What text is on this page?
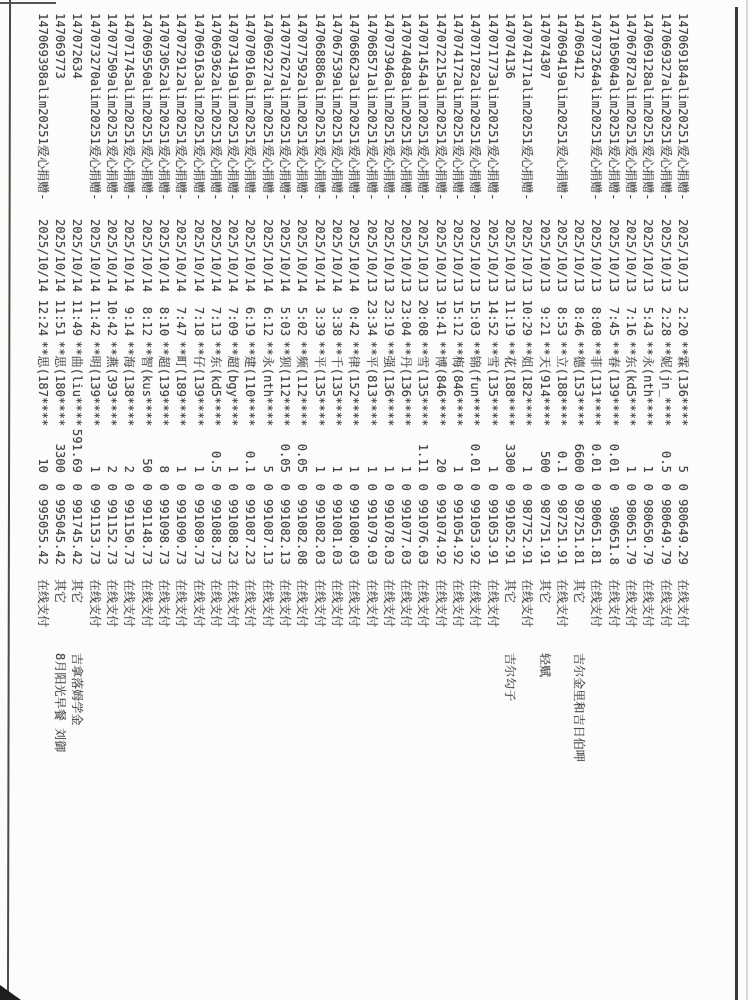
147069184alim20251爱心捐赠-
2025/10/13  2:20
**霖(136****
5
0
980649.29
在线支付
147069327alim20251爱心捐赠-
2025/10/13  2:28
**妮(jn_****
0.5
0
980649.79
在线支付
147069128alim20251爱心捐赠-
2025/10/13  5:43
**永(nth****
1
0
980650.79
在线支付
147067872alim20251爱心捐赠-
2025/10/13  7:16
**东(kd5****
1
0
980651.79
在线支付
147105004alim20251爱心捐赠-
2025/10/13  7:45
**春(139****
0.01
0
980651.8
在线支付
147073264alim20251爱心捐赠-
2025/10/13  8:08
**菲(131****
0.01
0
980651.81
在线支付
147069412
2025/10/13  8:46
**德(153****
6600
0
987251.81
其它
吉尔金里和吉日伯呷
147069419alim20251爱心捐赠-
2025/10/13  8:53
**立(188****
0.1
0
987251.91
在线支付
147074307
2025/10/13  9:21
**天(914****
500
0
987751.91
其它
轻赋
147074171alim20251爱心捐赠-
2025/10/13 10:29
**姐(182****
1
0
987752.91
在线支付
147074136
2025/10/13 11:19
**花(188****
3300
0
991052.91
其它
吉尔勾子
147071773alim20251爱心捐赠-
2025/10/13 14:52
**雪(135****
1
0
991053.91
在线支付
147071782alim20251爱心捐赠-
2025/10/13 15:03
**锦(fun****
0.01
0
991053.92
在线支付
147074172alim20251爱心捐赠-
2025/10/13 15:12
**梅(846****
1
0
991054.92
在线支付
147072215alim20251爱心捐赠-
2025/10/13 19:41
**博(846****
20
0
991074.92
在线支付
147071454alim20251爱心捐赠-
2025/10/13 20:08
**雪(135****
1.11
0
991076.03
在线支付
147074048alim20251爱心捐赠-
2025/10/13 23:04
**丹(136****
1
0
991077.03
在线支付
147073946alim20251爱心捐赠-
2025/10/13 23:19
**强(136****
1
0
991078.03
在线支付
147068571alim20251爱心捐赠-
2025/10/13 23:34
**平(813****
1
0
991079.03
在线支付
147068623alim20251爱心捐赠-
2025/10/14  0:42
**律(152****
1
0
991080.03
在线支付
147067539alim20251爱心捐赠-
2025/10/14  3:38
**千(135****
1
0
991081.03
在线支付
147068886alim20251爱心捐赠-
2025/10/14  3:39
**平(135****
1
0
991082.03
在线支付
147077592alim20251爱心捐赠-
2025/10/14  5:02
**频(112****
0.05
0
991082.08
在线支付
147077627alim20251爱心捐赠-
2025/10/14  5:03
**狈(112****
0.05
0
991082.13
在线支付
147069227alim20251爱心捐赠-
2025/10/14  6:12
**永(nth****
5
0
991087.13
在线支付
147070916alim20251爱心捐赠-
2025/10/14  6:19
**建(110****
0.1
0
991087.23
在线支付
147073419alim20251爱心捐赠-
2025/10/14  7:09
**超(bgy****
1
0
991088.23
在线支付
147069362alim20251爱心捐赠-
2025/10/14  7:13
**东(kd5****
0.5
0
991088.73
在线支付
147069163alim20251爱心捐赠-
2025/10/14  7:18
**仔(139****
1
0
991089.73
在线支付
147072912alim20251爱心捐赠-
2025/10/14  7:47
**町(189****
1
0
991090.73
在线支付
147073052alim20251爱心捐赠-
2025/10/14  8:10
**超(139****
8
0
991098.73
在线支付
147069550alim20251爱心捐赠-
2025/10/14  8:12
**智(kus****
50
0
991148.73
在线支付
147071745alim20251爱心捐赠-
2025/10/14  9:14
**海(138****
2
0
991150.73
在线支付
147077509alim20251爱心捐赠-
2025/10/14 10:42
**燕(393****
2
0
991152.73
在线支付
147073270alim20251爱心捐赠-
2025/10/14 11:42
**明(139****
1
0
991153.73
在线支付
147072634
2025/10/14 11:49
**曲(liu****
591.69
0
991745.42
其它
吉拿落姆学金
147069773
2025/10/14 11:51
**思(180****
3300
0
995045.42
其它
8月阳光早餐 刘御
147069398alim20251爱心捐赠-
2025/10/14 12:24
**思(187****
10
0
995055.42
在线支付
